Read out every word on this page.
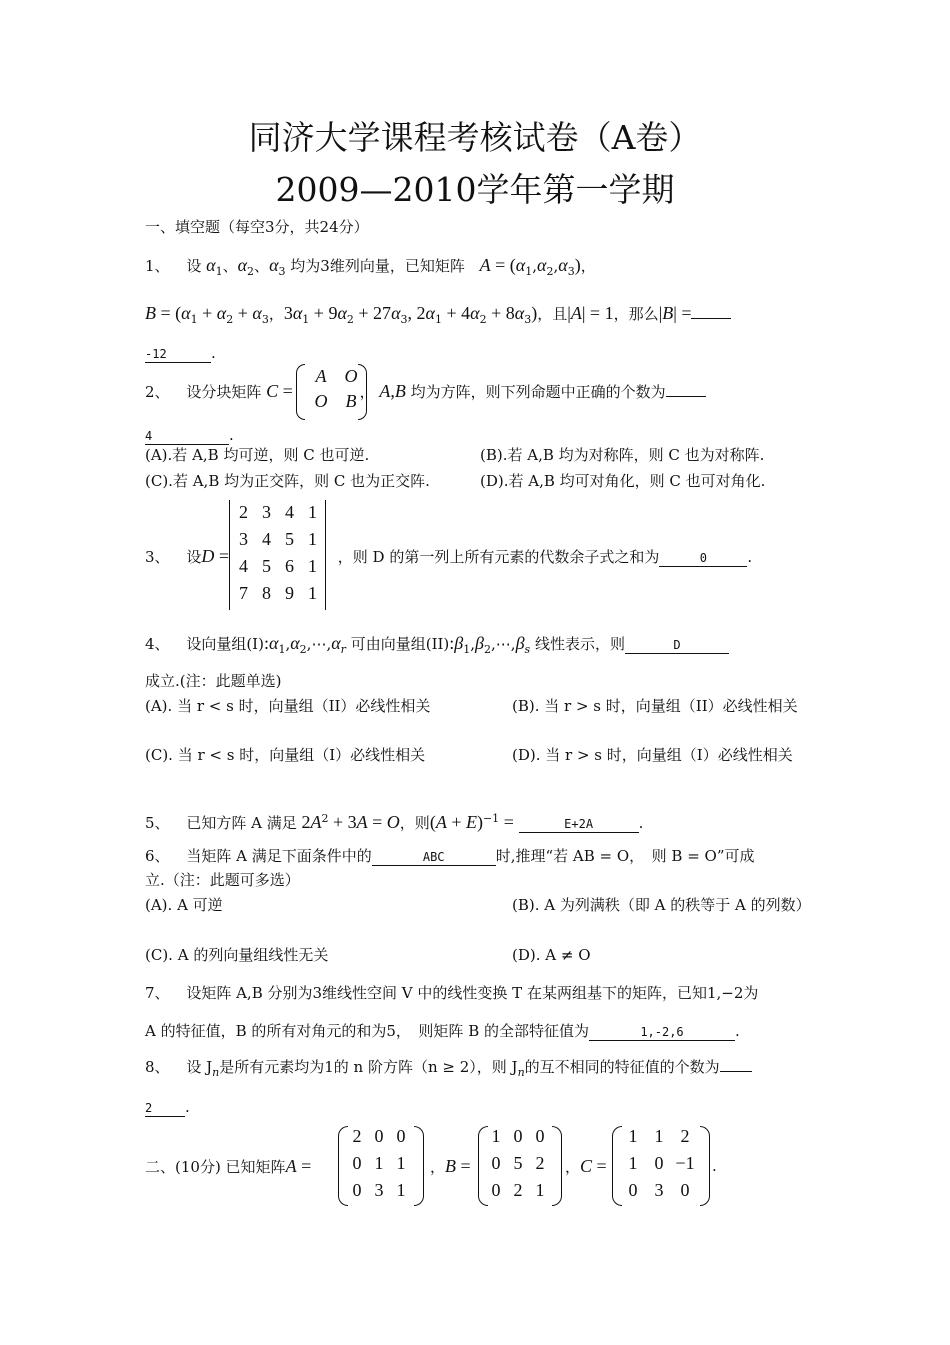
同济大学课程考核试卷（A卷）
2009—2010学年第一学期
一、填空题（每空3分，共24分）
1、 设 $\alpha_1$、$\alpha_2$、$\alpha_3$ 均为3维列向量，已知矩阵 $A = (\alpha_1,\alpha_2,\alpha_3)$，
$B = (\alpha_1 + \alpha_2 + \alpha_3$，$3\alpha_1 + 9\alpha_2 + 27\alpha_3$, $2\alpha_1 + 4\alpha_2 + 8\alpha_3$)，且|A| = 1，那么|B| =
-12	.
2、 设分块矩阵 C =	， A,B 均为方阵，则下列命题中正确的个数为
A	O
O	B
4	.
(A).若 A,B 均可逆，则 C 也可逆.	(B).若 A,B 均为对称阵，则 C 也为对称阵.
(C).若 A,B 均为正交阵，则 C 也为正交阵.	(D).若 A,B 均可对角化，则 C 也可对角化.
3、 设D =	，则 D 的第一列上所有元素的代数余子式之和为	0	.
2 3 4 1
3 4 5 1
4 5 6 1
7 8 9 1
4、 设向量组$(I):\alpha_1,\alpha_2,\cdots,\alpha_r$ 可由向量组$(II):\beta_1,\beta_2,\cdots,\beta_s$ 线性表示，则	D
成立.(注：此题单选)
(A). 当 r < s 时，向量组（II）必线性相关	(B). 当 r > s 时，向量组（II）必线性相关
(C). 当 r < s 时，向量组（I）必线性相关	(D). 当 r > s 时，向量组（I）必线性相关
5、 已知方阵 A 满足 $2A^2 + 3A = O$，则$(A + E)^{-1}$ =	E+2A	.
6、 当矩阵 A 满足下面条件中的	ABC	时,推理“若 AB = O，　则 B = O”可成
立.（注：此题可多选）
(A). A 可逆	(B). A 为列满秩（即 A 的秩等于 A 的列数）
(C). A 的列向量组线性无关	(D). A ≠ O
7、 设矩阵 A,B 分别为3维线性空间 V 中的线性变换 T 在某两组基下的矩阵，已知1,−2为
A 的特征值，B 的所有对角元的和为5，　则矩阵 B 的全部特征值为	1,-2,6	.
8、 设 $J_n$是所有元素均为1的 n 阶方阵（n ≥ 2），则 $J_n$的互不相同的特征值的个数为
2 .
二、(10分) 已知矩阵A =
2 0 0
0 1 1
0 3 1
，B =
1 0 0
0 5 2
0 2 1
，C =
1 1 2
1 0 −1
0 3 0
.
